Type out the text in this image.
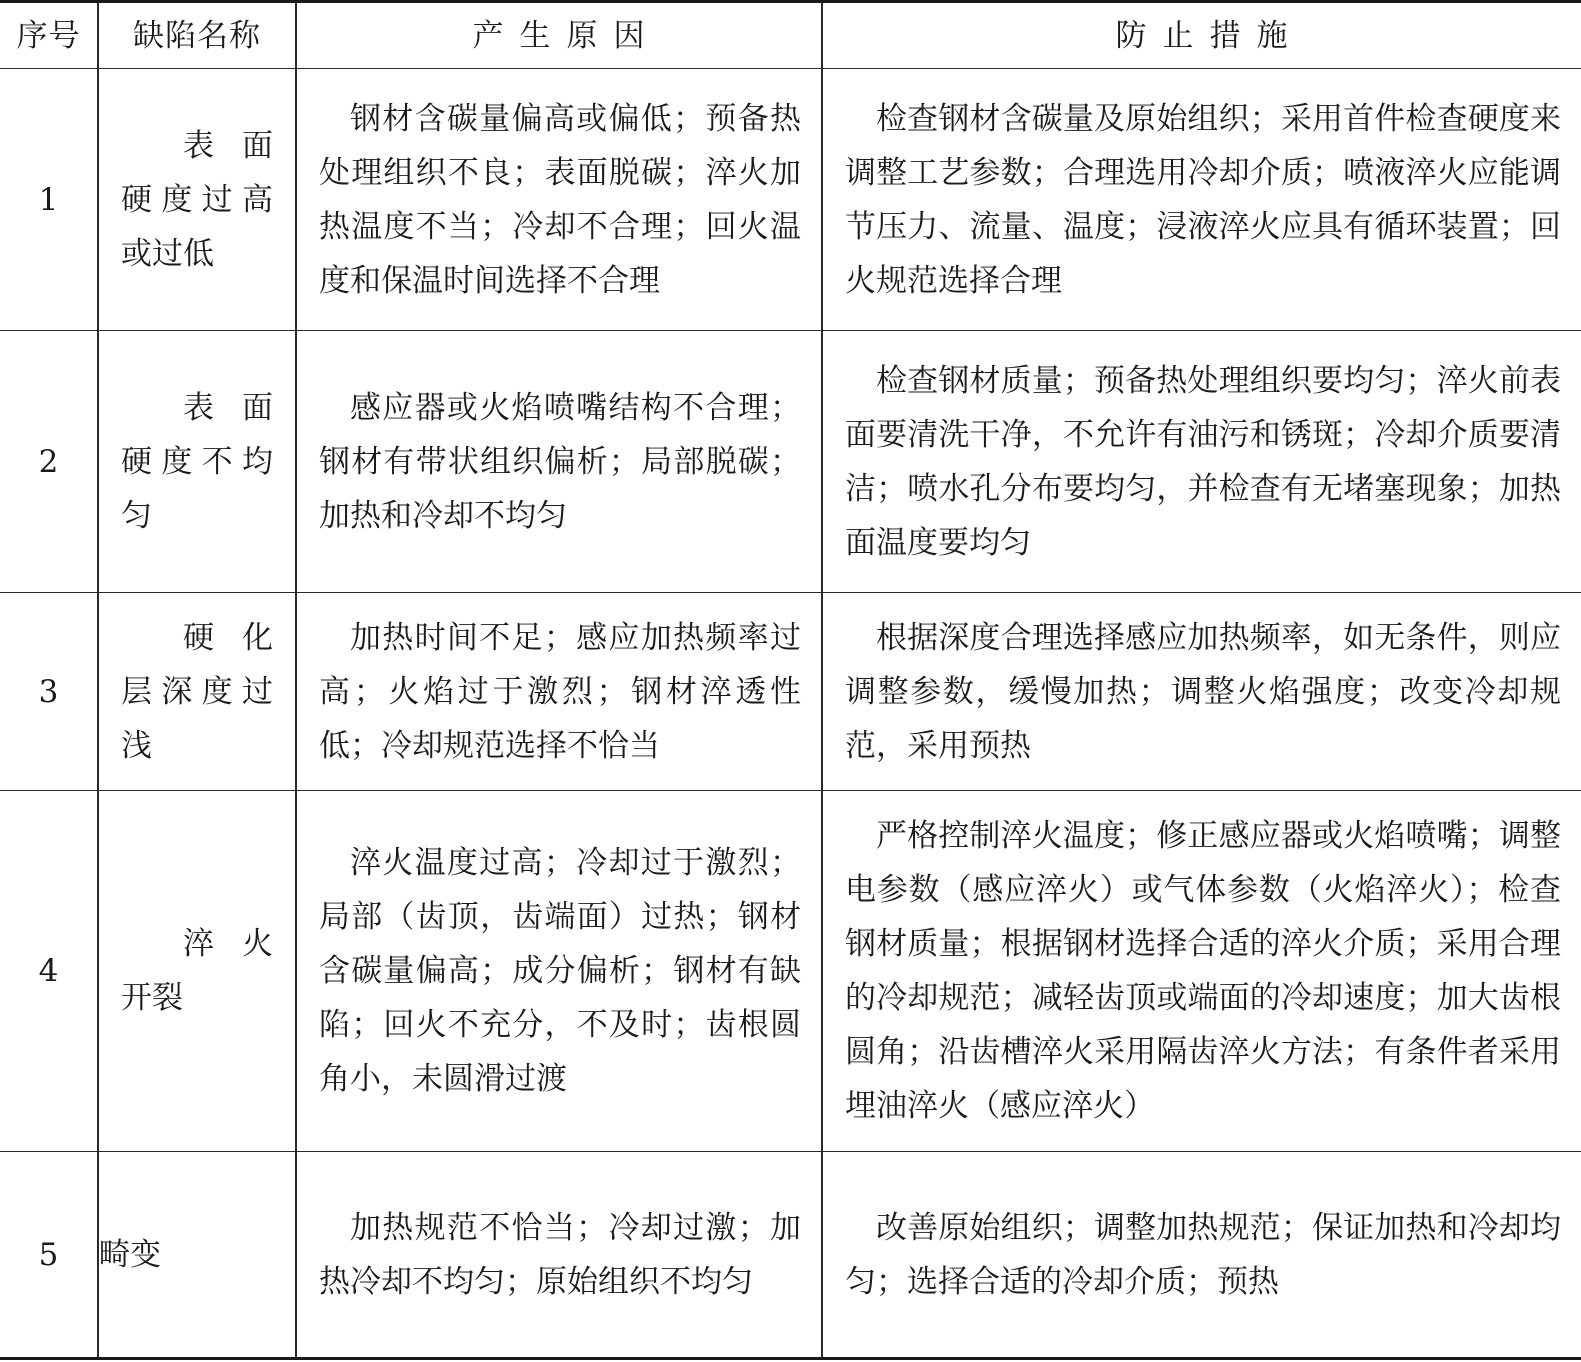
序号	缺陷名称	产生原因	防止措施
1	表面硬度过高或过低	钢材含碳量偏高或偏低；预备热处理组织不良；表面脱碳；淬火加热温度不当；冷却不合理；回火温度和保温时间选择不合理	检查钢材含碳量及原始组织；采用首件检查硬度来调整工艺参数；合理选用冷却介质；喷液淬火应能调节压力、流量、温度；浸液淬火应具有循环装置；回火规范选择合理
2	表面硬度不均匀	感应器或火焰喷嘴结构不合理；钢材有带状组织偏析；局部脱碳；加热和冷却不均匀	检查钢材质量；预备热处理组织要均匀；淬火前表面要清洗干净，不允许有油污和锈斑；冷却介质要清洁；喷水孔分布要均匀，并检查有无堵塞现象；加热面温度要均匀
3	硬化层深度过浅	加热时间不足；感应加热频率过高；火焰过于激烈；钢材淬透性低；冷却规范选择不恰当	根据深度合理选择感应加热频率，如无条件，则应调整参数，缓慢加热；调整火焰强度；改变冷却规范，采用预热
4	淬火开裂	淬火温度过高；冷却过于激烈；局部（齿顶，齿端面）过热；钢材含碳量偏高；成分偏析；钢材有缺陷；回火不充分，不及时；齿根圆角小，未圆滑过渡	严格控制淬火温度；修正感应器或火焰喷嘴；调整电参数（感应淬火）或气体参数（火焰淬火）；检查钢材质量；根据钢材选择合适的淬火介质；采用合理的冷却规范；减轻齿顶或端面的冷却速度；加大齿根圆角；沿齿槽淬火采用隔齿淬火方法；有条件者采用埋油淬火（感应淬火）
5	畸变	加热规范不恰当；冷却过激；加热冷却不均匀；原始组织不均匀	改善原始组织；调整加热规范；保证加热和冷却均匀；选择合适的冷却介质；预热
